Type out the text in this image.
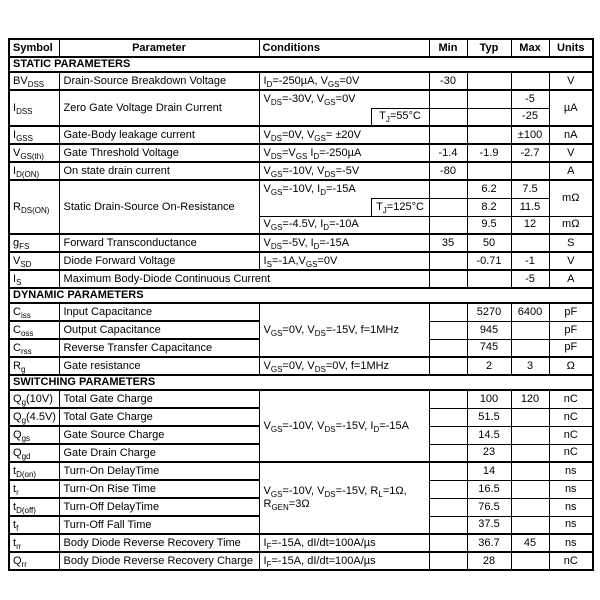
Symbol	Parameter	Conditions		Min	Typ	Max	Units
STATIC PARAMETERS							
$BV_{DSS}$	Drain-Source Breakdown Voltage	$I_D=-250\mu A$, $V_{GS}=0V$		-30			V
$I_{DSS}$	Zero Gate Voltage Drain Current	$V_{DS}=-30V$, $V_{GS}=0V$				-5	µA
			$T_J=55^\circ C$			-25	
$I_{GSS}$	Gate-Body leakage current	$V_{DS}=0V$, $V_{GS}= \pm 20V$				±100	nA
$V_{GS(th)}$	Gate Threshold Voltage	$V_{DS}=V_{GS}$ $I_D=-250\mu A$		-1.4	-1.9	-2.7	V
$I_{D(ON)}$	On state drain current	$V_{GS}=-10V$, $V_{DS}=-5V$		-80			A
$R_{DS(ON)}$	Static Drain-Source On-Resistance	$V_{GS}=-10V$, $I_D=-15A$			6.2	7.5	mΩ
			$T_J=125^\circ C$		8.2	11.5	
		$V_{GS}=-4.5V$, $I_D=-10A$			9.5	12	mΩ
$g_{FS}$	Forward Transconductance	$V_{DS}=-5V$, $I_D=-15A$		35	50		S
$V_{SD}$	Diode Forward Voltage	$I_S=-1A,V_{GS}=0V$			-0.71	-1	V
$I_S$	Maximum Body-Diode Continuous Current					-5	A
DYNAMIC PARAMETERS							
$C_{iss}$	Input Capacitance	$V_{GS}=0V$, $V_{DS}=-15V$, f=1MHz			5270	6400	pF
$C_{oss}$	Output Capacitance				945		pF
$C_{rss}$	Reverse Transfer Capacitance				745		pF
$R_g$	Gate resistance	$V_{GS}=0V$, $V_{DS}=0V$, f=1MHz			2	3	Ω
SWITCHING PARAMETERS							
$Q_g(10V)$	Total Gate Charge	$V_{GS}=-10V$, $V_{DS}=-15V$, $I_D=-15A$			100	120	nC
$Q_g(4.5V)$	Total Gate Charge				51.5		nC
$Q_{gs}$	Gate Source Charge				14.5		nC
$Q_{gd}$	Gate Drain Charge				23		nC
$t_{D(on)}$	Turn-On DelayTime	$V_{GS}=-10V$, $V_{DS}=-15V$, $R_L=1\Omega$, $R_{GEN}=3\Omega$			14		ns
$t_r$	Turn-On Rise Time				16.5		ns
$t_{D(off)}$	Turn-Off DelayTime				76.5		ns
$t_f$	Turn-Off Fall Time				37.5		ns
$t_{rr}$	Body Diode Reverse Recovery Time	$I_F=-15A$, dI/dt=100A/µs			36.7	45	ns
$Q_{rr}$	Body Diode Reverse Recovery Charge	$I_F=-15A$, dI/dt=100A/µs			28		nC
